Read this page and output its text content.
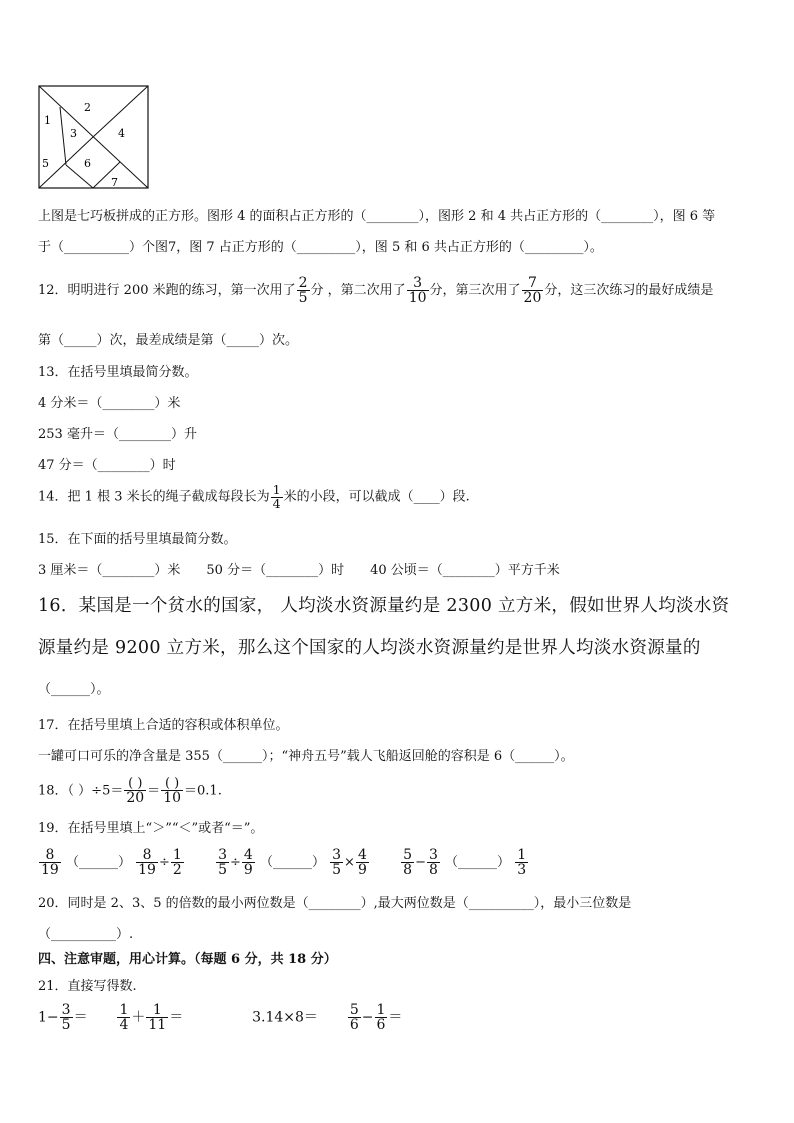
1
2
3	4
5	6
7
上图是七巧板拼成的正方形。图形 4 的面积占正方形的（________），图形 2 和 4 共占正方形的（________），图 6 等
于（__________）个图7，图 7 占正方形的（_________），图 5 和 6 共占正方形的（_________）。
12．明明进行 200 米跑的练习，第一次用了 $\frac{2}{5}$ 分 ，第二次用了 $\frac{3}{10}$ 分，第三次用了 $\frac{7}{20}$ 分，这三次练习的最好成绩是
第（_____）次，最差成绩是第（_____）次。
13．在括号里填最简分数。
4 分米＝（________）米
253 毫升＝（________）升
47 分＝（________）时
14．把 1 根 3 米长的绳子截成每段长为 $\frac{1}{4}$ 米的小段，可以截成（____）段.
15．在下面的括号里填最简分数。
3 厘米＝（________）米 50 分＝（________）时 40 公顷＝（________）平方千米
16．某国是一个贫水的国家， 人均淡水资源量约是 2300 立方米，假如世界人均淡水资
源量约是 9200 立方米，那么这个国家的人均淡水资源量约是世界人均淡水资源量的
（______）。
17．在括号里填上合适的容积或体积单位。
一罐可口可乐的净含量是 355（______）；“神舟五号”载人飞船返回舱的容积是 6（______）。
18．（ ）$\div 5= \frac{( )}{20} = \frac{( )}{10} =0.1$.
19．在括号里填上“＞”“＜”或者“＝”。
$\frac{8}{19}$ （______） $\frac{8}{19} \div \frac{1}{2}$
$\frac{3}{5} \div \frac{4}{9}$ （______） $\frac{3}{5} \times \frac{4}{9}$
$\frac{5}{8} - \frac{3}{8}$ （______） $\frac{1}{3}$
20．同时是 2、3、5 的倍数的最小两位数是（________）,最大两位数是（__________），最小三位数是
（__________）.
四、注意审题，用心计算。（每题 6 分，共 18 分）
21．直接写得数.
$1- \frac{3}{5} = \frac{1}{4} + \frac{1}{11}$ ＝	$3.14\times 8= \frac{5}{6} - \frac{1}{6}$ ＝
